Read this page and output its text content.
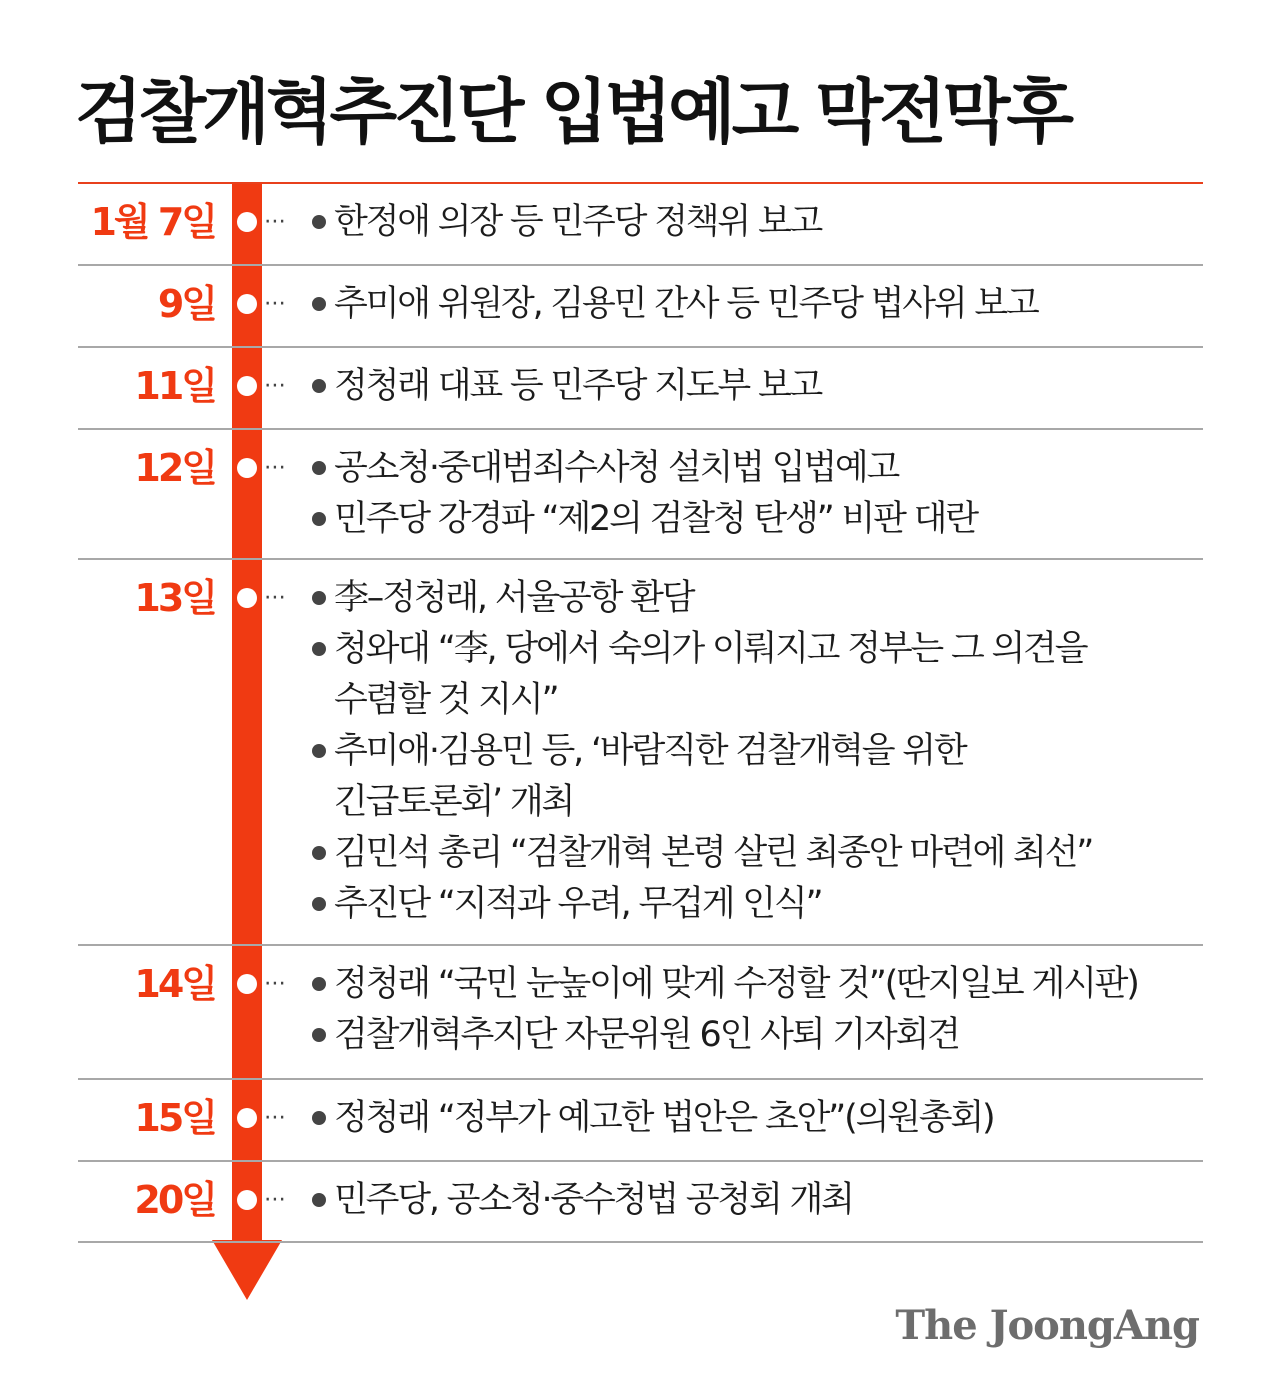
검찰개혁추진단 입법예고 막전막후
1월 7일 ⋯	한정애 의장 등 민주당 정책위 보고
9일 ⋯	추미애 위원장, 김용민 간사 등 민주당 법사위 보고
11일 ⋯	정청래 대표 등 민주당 지도부 보고
12일 ⋯	공소청·중대범죄수사청 설치법 입법예고
민주당 강경파 “제2의 검찰청 탄생” 비판 대란
13일 ⋯	李–정청래, 서울공항 환담
청와대 “李, 당에서 숙의가 이뤄지고 정부는 그 의견을
수렴할 것 지시”
추미애·김용민 등, ‘바람직한 검찰개혁을 위한
긴급토론회’ 개최
김민석 총리 “검찰개혁 본령 살린 최종안 마련에 최선”
추진단 “지적과 우려, 무겁게 인식”
14일 ⋯	정청래 “국민 눈높이에 맞게 수정할 것”(딴지일보 게시판)
검찰개혁추지단 자문위원 6인 사퇴 기자회견
15일 ⋯	정청래 “정부가 예고한 법안은 초안”(의원총회)
20일 ⋯	민주당, 공소청·중수청법 공청회 개최
The JoongAng
